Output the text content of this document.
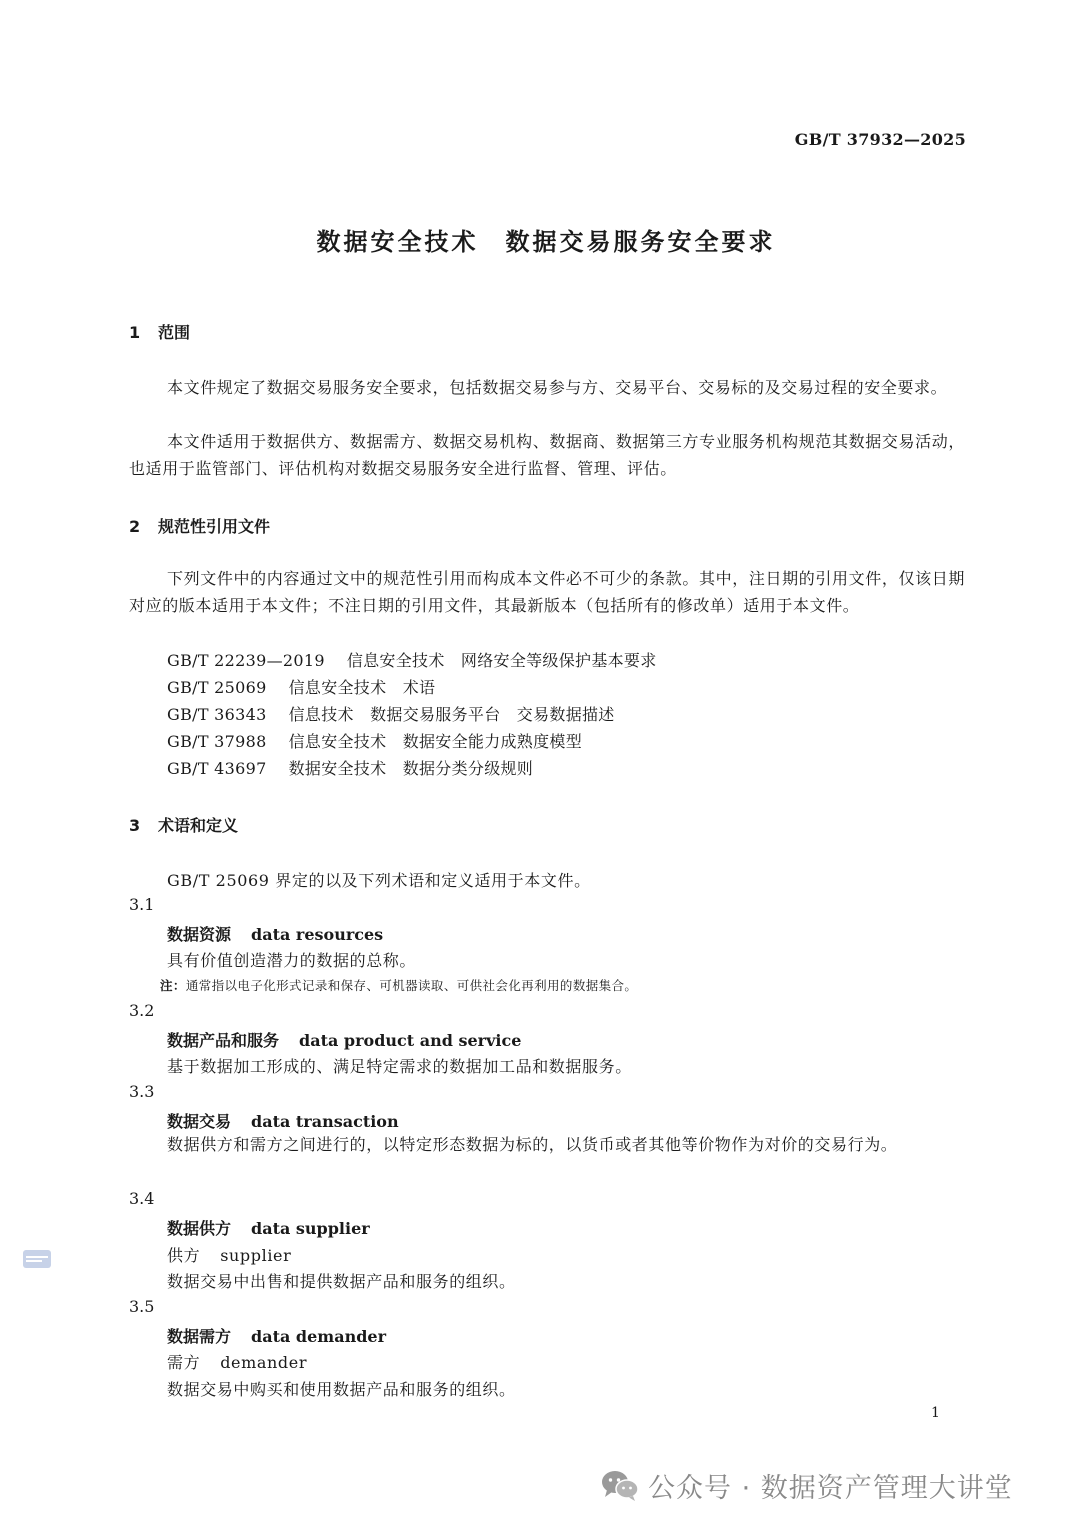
GB/T 37932—2025
数据安全技术　数据交易服务安全要求
1 范围
本文件规定了数据交易服务安全要求，包括数据交易参与方、交易平台、交易标的及交易过程的安全要求。
本文件适用于数据供方、数据需方、数据交易机构、数据商、数据第三方专业服务机构规范其数据交易活动，也适用于监管部门、评估机构对数据交易服务安全进行监督、管理、评估。
2 规范性引用文件
下列文件中的内容通过文中的规范性引用而构成本文件必不可少的条款。其中，注日期的引用文件，仅该日期对应的版本适用于本文件；不注日期的引用文件，其最新版本（包括所有的修改单）适用于本文件。
GB/T 22239—2019 信息安全技术　网络安全等级保护基本要求
GB/T 25069 信息安全技术　术语
GB/T 36343 信息技术　数据交易服务平台　交易数据描述
GB/T 37988 信息安全技术　数据安全能力成熟度模型
GB/T 43697 数据安全技术　数据分类分级规则
3 术语和定义
GB/T 25069 界定的以及下列术语和定义适用于本文件。
3.1
数据资源 data resources
具有价值创造潜力的数据的总称。
注：通常指以电子化形式记录和保存、可机器读取、可供社会化再利用的数据集合。
3.2
数据产品和服务 data product and service
基于数据加工形成的、满足特定需求的数据加工品和数据服务。
3.3
数据交易 data transaction
数据供方和需方之间进行的，以特定形态数据为标的，以货币或者其他等价物作为对价的交易行为。
3.4
数据供方 data supplier
供方 supplier
数据交易中出售和提供数据产品和服务的组织。
3.5
数据需方 data demander
需方 demander
数据交易中购买和使用数据产品和服务的组织。
1
公众号 · 数据资产管理大讲堂
